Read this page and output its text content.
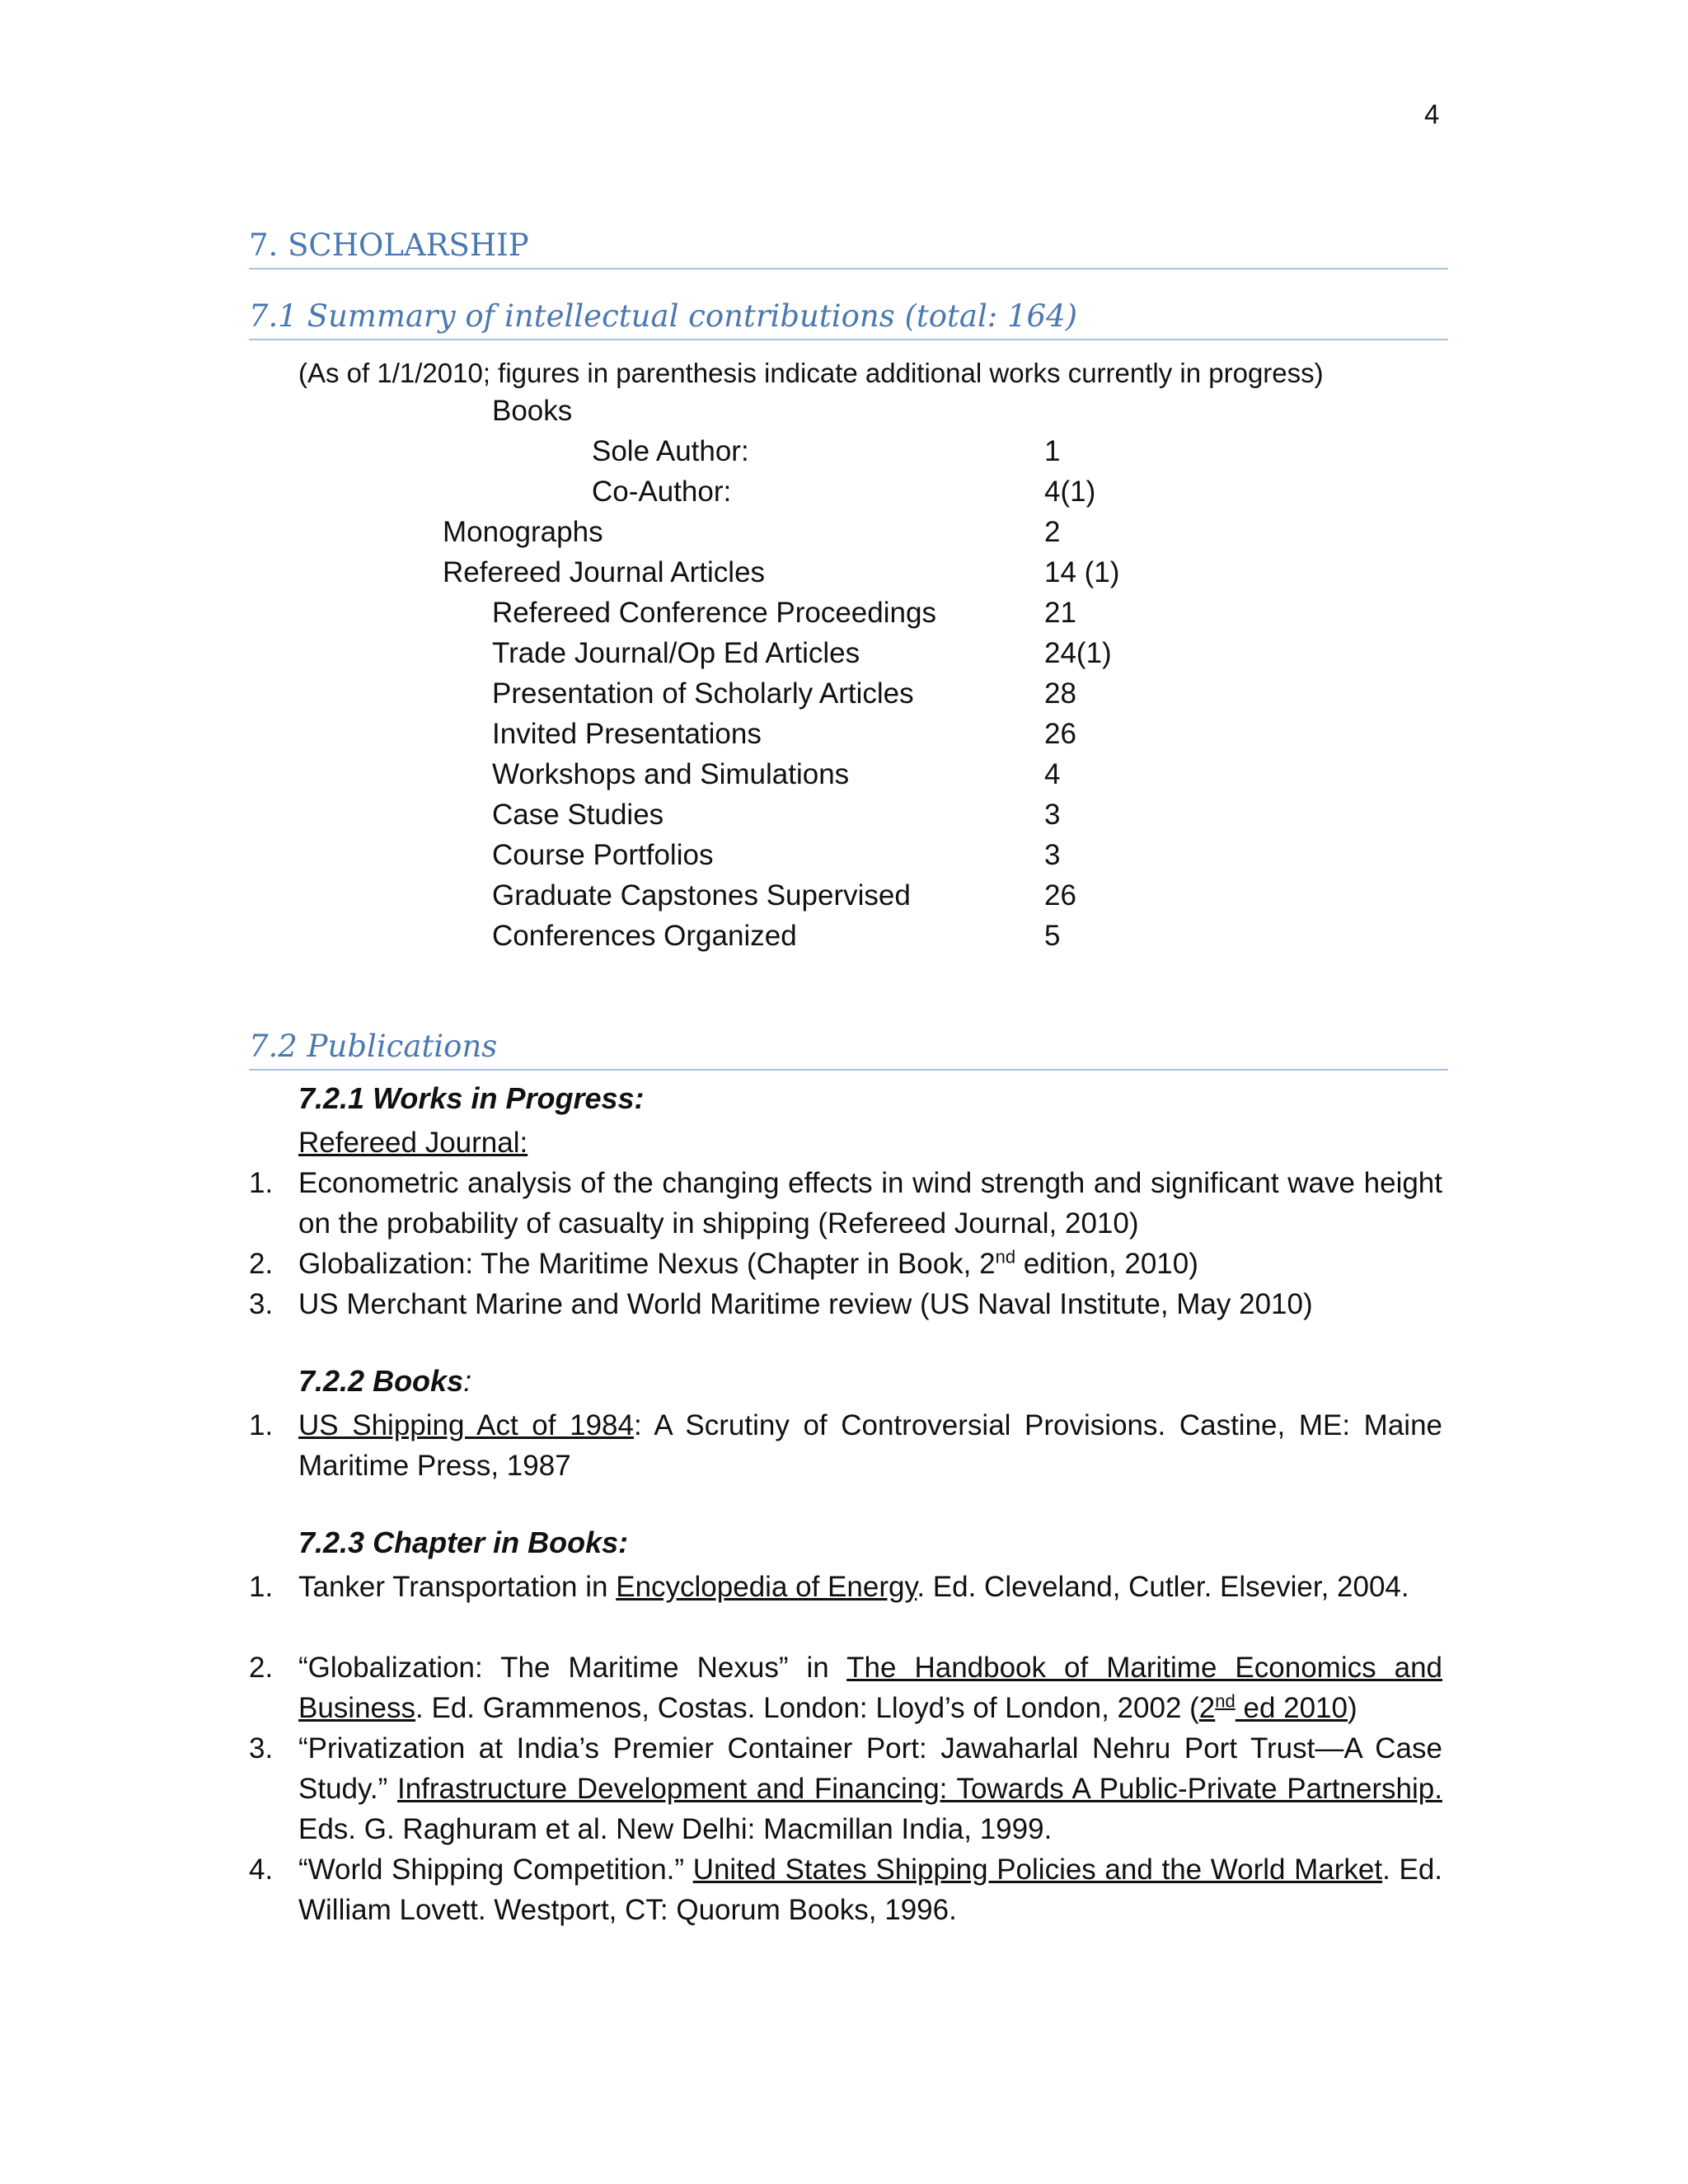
4
7. SCHOLARSHIP
7.1 Summary of intellectual contributions (total: 164)
(As of 1/1/2010; figures in parenthesis indicate additional works currently in progress)
Books
Sole Author:	1
Co-Author:	4(1)
Monographs	2
Refereed Journal Articles	14 (1)
Refereed Conference Proceedings	21
Trade Journal/Op Ed Articles	24(1)
Presentation of Scholarly Articles	28
Invited Presentations	26
Workshops and Simulations	4
Case Studies	3
Course Portfolios	3
Graduate Capstones Supervised	26
Conferences Organized	5
7.2 Publications
7.2.1 Works in Progress:
Refereed Journal:
1. Econometric analysis of the changing effects in wind strength and significant wave height on the probability of casualty in shipping (Refereed Journal, 2010)
2. Globalization: The Maritime Nexus (Chapter in Book, 2nd edition, 2010)
3. US Merchant Marine and World Maritime review (US Naval Institute, May 2010)
7.2.2 Books:
1. US Shipping Act of 1984: A Scrutiny of Controversial Provisions. Castine, ME: Maine Maritime Press, 1987
7.2.3 Chapter in Books:
1. Tanker Transportation in Encyclopedia of Energy. Ed. Cleveland, Cutler. Elsevier, 2004.
2. “Globalization: The Maritime Nexus” in The Handbook of Maritime Economics and Business. Ed. Grammenos, Costas. London: Lloyd’s of London, 2002 (2nd ed 2010)
3. “Privatization at India’s Premier Container Port: Jawaharlal Nehru Port Trust—A Case Study.” Infrastructure Development and Financing: Towards A Public-Private Partnership. Eds. G. Raghuram et al. New Delhi: Macmillan India, 1999.
4. “World Shipping Competition.” United States Shipping Policies and the World Market. Ed. William Lovett. Westport, CT: Quorum Books, 1996.
